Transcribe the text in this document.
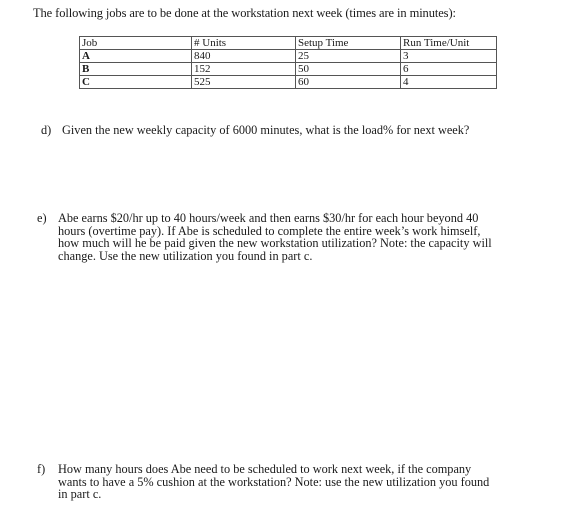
The following jobs are to be done at the workstation next week (times are in minutes):
Job	# Units	Setup Time	Run Time/Unit
A	840	25	3
B	152	50	6
C	525	60	4
d) Given the new weekly capacity of 6000 minutes, what is the load% for next week?
e) Abe earns $20/hr up to 40 hours/week and then earns $30/hr for each hour beyond 40
hours (overtime pay). If Abe is scheduled to complete the entire week’s work himself,
how much will he be paid given the new workstation utilization? Note: the capacity will
change. Use the new utilization you found in part c.
f) How many hours does Abe need to be scheduled to work next week, if the company
wants to have a 5% cushion at the workstation? Note: use the new utilization you found
in part c.
